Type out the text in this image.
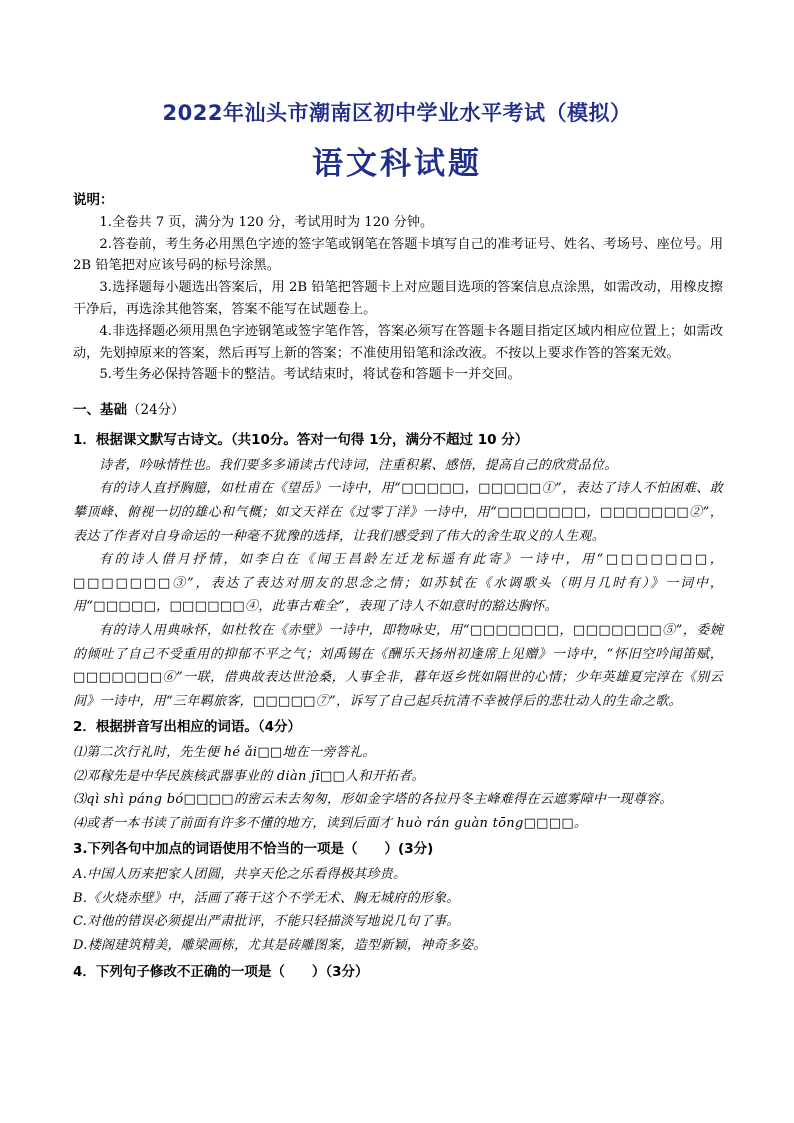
2022年汕头市潮南区初中学业水平考试（模拟）
语文科试题

说明：

1.全卷共 7 页，满分为 120 分，考试用时为 120 分钟。

2.答卷前，考生务必用黑色字迹的签字笔或钢笔在答题卡填写自己的准考证号、姓名、考场号、座位号。用 2B 铅笔把对应该号码的标号涂黑。

3.选择题每小题选出答案后，用 2B 铅笔把答题卡上对应题目选项的答案信息点涂黑，如需改动，用橡皮擦干净后，再选涂其他答案，答案不能写在试题卷上。

4.非选择题必须用黑色字迹钢笔或签字笔作答，答案必须写在答题卡各题目指定区域内相应位置上；如需改动，先划掉原来的答案，然后再写上新的答案；不准使用铅笔和涂改液。不按以上要求作答的答案无效。

5.考生务必保持答题卡的整洁。考试结束时，将试卷和答题卡一并交回。

一、基础（24分）
1．根据课文默写古诗文。（共10分。答对一句得 1分，满分不超过 10 分）

诗者，吟咏情性也。我们要多多诵读古代诗词，注重积累、感悟，提高自己的欣赏品位。

有的诗人直抒胸臆，如杜甫在《望岳》一诗中，用“□□□□□，□□□□□①”，表达了诗人不怕困难、敢攀顶峰、俯视一切的雄心和气概；如文天祥在《过零丁洋》一诗中，用“□□□□□□□，□□□□□□□②”，表达了作者对自身命运的一种毫不犹豫的选择，让我们感受到了伟大的舍生取义的人生观。

有的诗人借月抒情，如李白在《闻王昌龄左迁龙标遥有此寄》一诗中，用“□□□□□□□，□□□□□□□③”，表达了表达对朋友的思念之情；如苏轼在《水调歌头（明月几时有）》一词中，用“□□□□□，□□□□□□④，此事古难全”，表现了诗人不如意时的豁达胸怀。

有的诗人用典咏怀，如杜牧在《赤壁》一诗中，即物咏史，用“□□□□□□□，□□□□□□□⑤”，委婉的倾吐了自己不受重用的抑郁不平之气；刘禹锡在《酬乐天扬州初逢席上见赠》一诗中，“怀旧空吟闻笛赋，□□□□□□□⑥”一联，借典故表达世沧桑，人事全非，暮年返乡恍如隔世的心情；少年英雄夏完淳在《别云间》一诗中，用“三年羁旅客，□□□□□⑦”，诉写了自己起兵抗清不幸被俘后的悲壮动人的生命之歌。

2．根据拼音写出相应的词语。（4分）

⑴第二次行礼时，先生便 hé ǎi□□地在一旁答礼。

⑵邓稼先是中华民族核武器事业的 diàn jī□□人和开拓者。

⑶qì shì páng bó□□□□的密云未去匆匆，形如金字塔的各拉丹冬主峰难得在云遮雾障中一现尊容。

⑷或者一本书读了前面有许多不懂的地方，读到后面才 huò rán guàn tōng□□□□。

3.下列各句中加点的词语使用不恰当的一项是（　　）(3分)

A.中国人历来把家人团圆，共享天伦之乐看得极其珍贵。

B.《火烧赤壁》中，活画了蒋干这个不学无术、胸无城府的形象。

C.对他的错误必须提出严肃批评，不能只轻描淡写地说几句了事。

D.楼阁建筑精美，雕梁画栋，尤其是砖雕图案，造型新颖，神奇多姿。

4．下列句子修改不正确的一项是（　　）（3分）
